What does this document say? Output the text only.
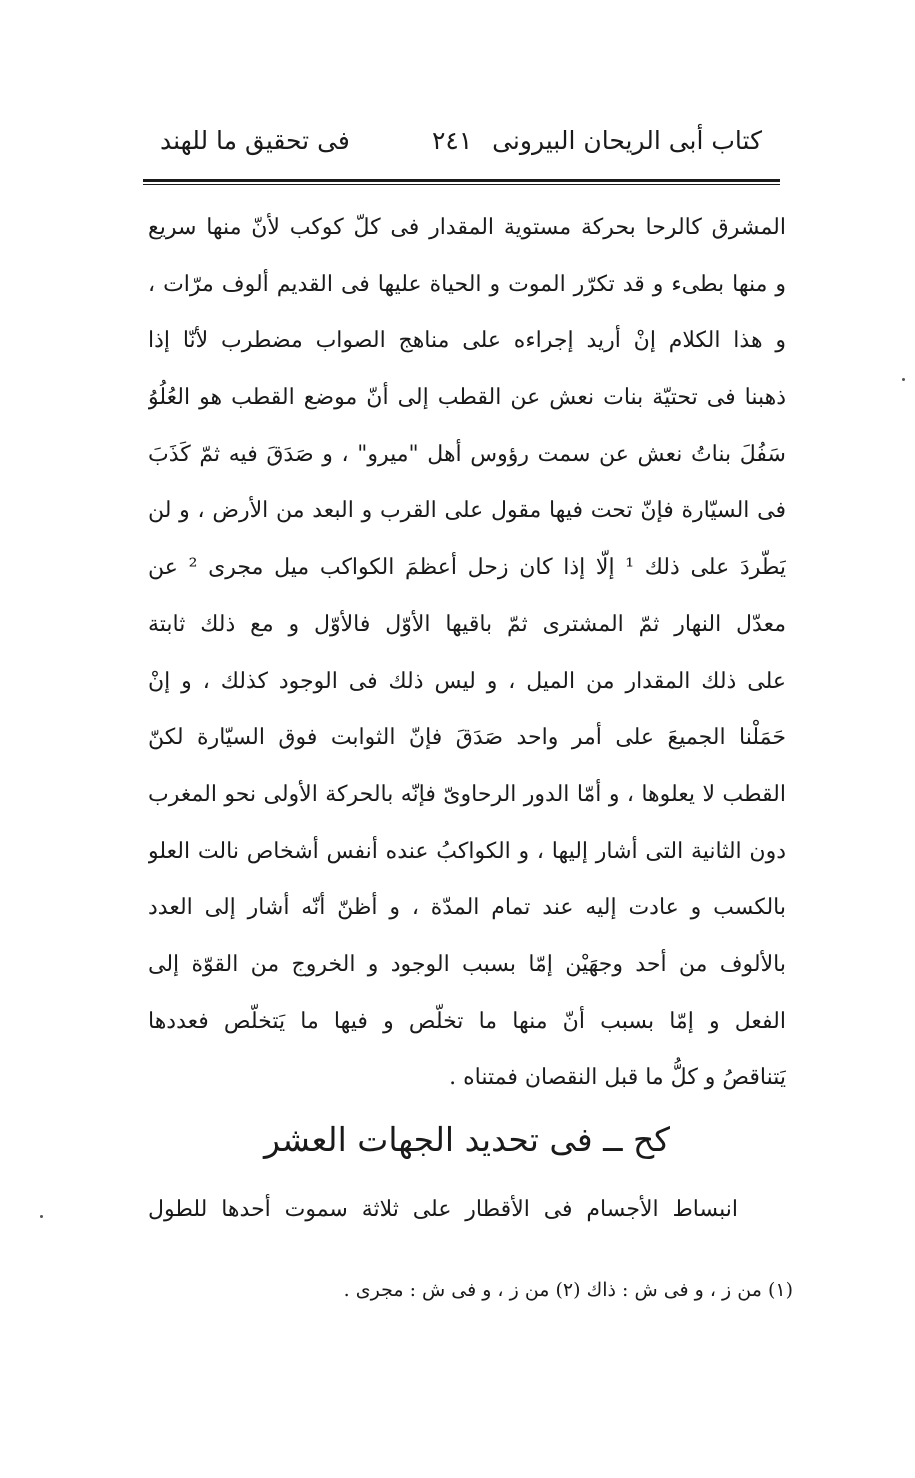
كتاب أبى الريحان البيرونى
٢٤١
فى تحقيق ما للهند
المشرق كالرحا بحركة مستوية المقدار فى كلّ كوكب لأنّ منها سريع
و منها بطىء و قد تكرّر الموت و الحياة عليها فى القديم ألوف مرّات ،
و هذا الكلام إنْ أريد إجراءه على مناهج الصواب مضطرب لأنّا إذا
ذهبنا فى تحتيّة بنات نعش عن القطب إلى أنّ موضع القطب هو العُلُوُ
سَفُلَ بناتُ نعش عن سمت رؤوس أهل "ميرو" ، و صَدَقَ فيه ثمّ كَذَبَ
فى السيّارة فإنّ تحت فيها مقول على القرب و البعد من الأرض ، و لن
يَطّردَ على ذلك ¹ إلّا إذا كان زحل أعظمَ الكواكب ميل مجرى ² عن
معدّل النهار ثمّ المشترى ثمّ باقيها الأوّل فالأوّل و مع ذلك ثابتة
على ذلك المقدار من الميل ، و ليس ذلك فى الوجود كذلك ، و إنْ
حَمَلْنا الجميعَ على أمر واحد صَدَقَ فإنّ الثوابت فوق السيّارة لكنّ
القطب لا يعلوها ، و أمّا الدور الرحاوىّ فإنّه بالحركة الأولى نحو المغرب
دون الثانية التى أشار إليها ، و الكواكبُ عنده أنفس أشخاص نالت العلو
بالكسب و عادت إليه عند تمام المدّة ، و أظنّ أنّه أشار إلى العدد
بالألوف من أحد وجهَيْن إمّا بسبب الوجود و الخروج من القوّة إلى
الفعل و إمّا بسبب أنّ منها ما تخلّص و فيها ما يَتخلّص فعددها
يَتناقصُ و كلُّ ما قبل النقصان فمتناه .
كح ــ فى تحديد الجهات العشر
انبساط الأجسام فى الأقطار على ثلاثة سموت أحدها للطول
(١) من ز ، و فى ش : ذاك (٢) من ز ، و فى ش : مجرى .
